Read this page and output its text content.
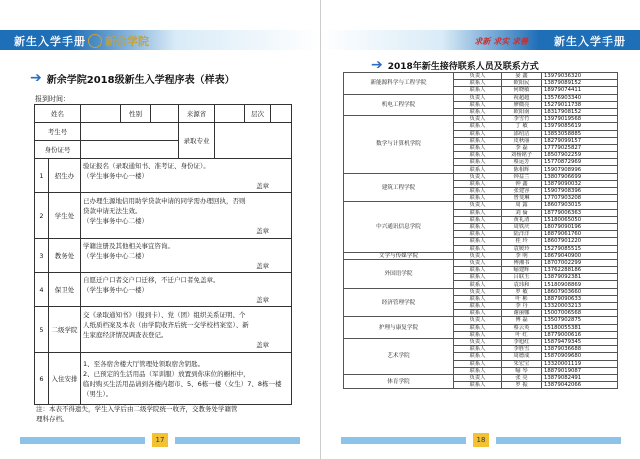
新生入学手册 新余学院
➔ 新余学院2018级新生入学程序表（样表）
报到时间：
姓名			性别		来源省		层次	
考生号					录取专业			
身份证号								
1	招生办	验证报名（录取通知书、准考证、身份证）。
（学生事务中心一楼）
盖章						

2	学生处	已办理生源地信用助学贷款申请的同学需办理回执，否则
贷款申请无法生效。
（学生事务中心二楼）
盖章						

3	教务处	学籍注册及其他相关事宜咨询。
（学生事务中心二楼）
盖章						

4	保卫处	自愿迁户口者交户口迁移，不迁户口者免盖章。
（学生事务中心一楼）
盖章						

5	二级学院	交《录取通知书》（报到卡）、党（团）组织关系证明、个
人纸质档案及本表（由学院收齐后统一交学校档案室）、新
生家庭经济情况调查表登记。
盖章						

6	入住安排	1、至各宿舍楼大厅管理处领取宿舍钥匙。
2、已预定的生活用品（军训服）放置到你床位的橱柜中，
临时购买生活用品请到各楼内超市、5、6栋一楼（女生）7、8栋一楼
（男生）。						
注：本表不得遗失，学生入学后由二级学院统一收齐，交教务处学籍管
理科存档。
17
求新 求实 求善 新生入学手册
➔ 2018年新生接待联系人员及联系方式
新能源科学与工程学院	负责人	晏 鑫	13979036320
	联系人	欧阳民	13879089152
	联系人	何晓敏	18979074411
机电工程学院	负责人	祝超超	13576903340
	联系人	廖微亮	15279011738
	联系人	欧阳南	18317908152
数学与计算机学院	负责人	李雪竹	13979019568
	联系人	丁 敏	13979085619
	联系人	邵绍洁	13853058885
	联系人	皮秋丽	18279099157
	联系人	李 磊	17779025827
	联系人	刘杨铭子	18507902259
	联系人	蔡运芳	15770872969
	联系人	陈相辉	15907908996
建筑工程学院	负责人	钟益兰	13807906699
	联系人	钟 鑫	13879090032
	联系人	张建容	15907908396
	联系人	曾斐琳	17707903208
中兴通讯信息学院	负责人	周 露	18607903015
	联系人	刘 倫	18779006363
	联系人	黄礼清	15180065050
	联系人	周铁庆	18079090196
	联系人	陆洋洋	18879061760
	联系人	桂 玲	18607901220
	联系人	袁媛玲	15279085515
文学与传媒学院	负责人	李 明	18679040900
外国语学院	负责人	傅湘书	18707002299
	联系人	喻建辉	13762288186
	联系人	吕联玉	13879092381
	联系人	袁玮和	15180908869
经济管理学院	负责人	罗 敏	18607903660
	联系人	叶 彬	18879090633
	联系人	李 丹	13320003213
	联系人	谢丽娜	15007006568
护理与康复学院	负责人	傅 磊	13507902875
	联系人	蔡云英	15180055381
	联系人	叶 红	18779000616
艺术学院	负责人	李旭红	15879479345
	联系人	李胜雪	13879036688
	联系人	周德成	15870909680
	联系人	朱宏宝	13320001119
	联系人	喻 琴	18879019087
体育学院	负责人	张 亮	13879082491
	联系人	罗 振	13879042066
18
